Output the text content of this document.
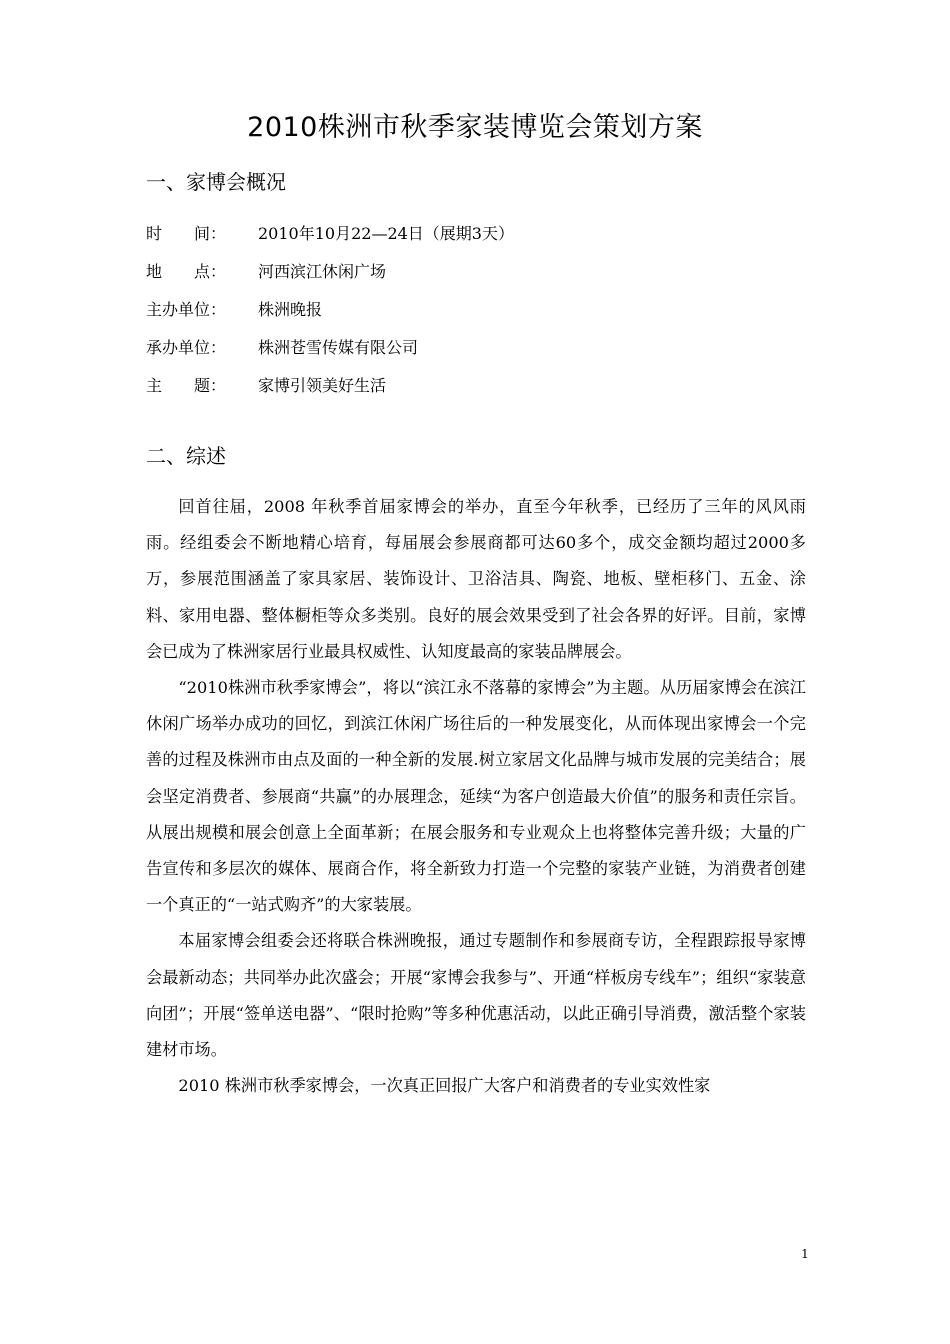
2010株洲市秋季家装博览会策划方案
一、家博会概况
时　　间：	2010年10月22—24日（展期3天）
地　　点：	河西滨江休闲广场
主办单位：	株洲晚报
承办单位：	株洲苍雪传媒有限公司
主　　题：	家博引领美好生活
二、综述

回首往届，2008 年秋季首届家博会的举办，直至今年秋季，已经历了三年的风风雨雨。经组委会不断地精心培育，每届展会参展商都可达60多个，成交金额均超过2000多万，参展范围涵盖了家具家居、装饰设计、卫浴洁具、陶瓷、地板、壁柜移门、五金、涂料、家用电器、整体橱柜等众多类别。良好的展会效果受到了社会各界的好评。目前，家博会已成为了株洲家居行业最具权威性、认知度最高的家装品牌展会。

“2010株洲市秋季家博会”，将以“滨江永不落幕的家博会”为主题。从历届家博会在滨江休闲广场举办成功的回忆，到滨江休闲广场往后的一种发展变化，从而体现出家博会一个完善的过程及株洲市由点及面的一种全新的发展.树立家居文化品牌与城市发展的完美结合；展会坚定消费者、参展商“共赢”的办展理念，延续“为客户创造最大价值”的服务和责任宗旨。从展出规模和展会创意上全面革新；在展会服务和专业观众上也将整体完善升级；大量的广告宣传和多层次的媒体、展商合作，将全新致力打造一个完整的家装产业链，为消费者创建一个真正的“一站式购齐”的大家装展。

本届家博会组委会还将联合株洲晚报，通过专题制作和参展商专访，全程跟踪报导家博会最新动态；共同举办此次盛会；开展“家博会我参与”、开通“样板房专线车”；组织“家装意向团”；开展“签单送电器”、“限时抢购”等多种优惠活动，以此正确引导消费，激活整个家装建材市场。

2010 株洲市秋季家博会，一次真正回报广大客户和消费者的专业实效性家

1
